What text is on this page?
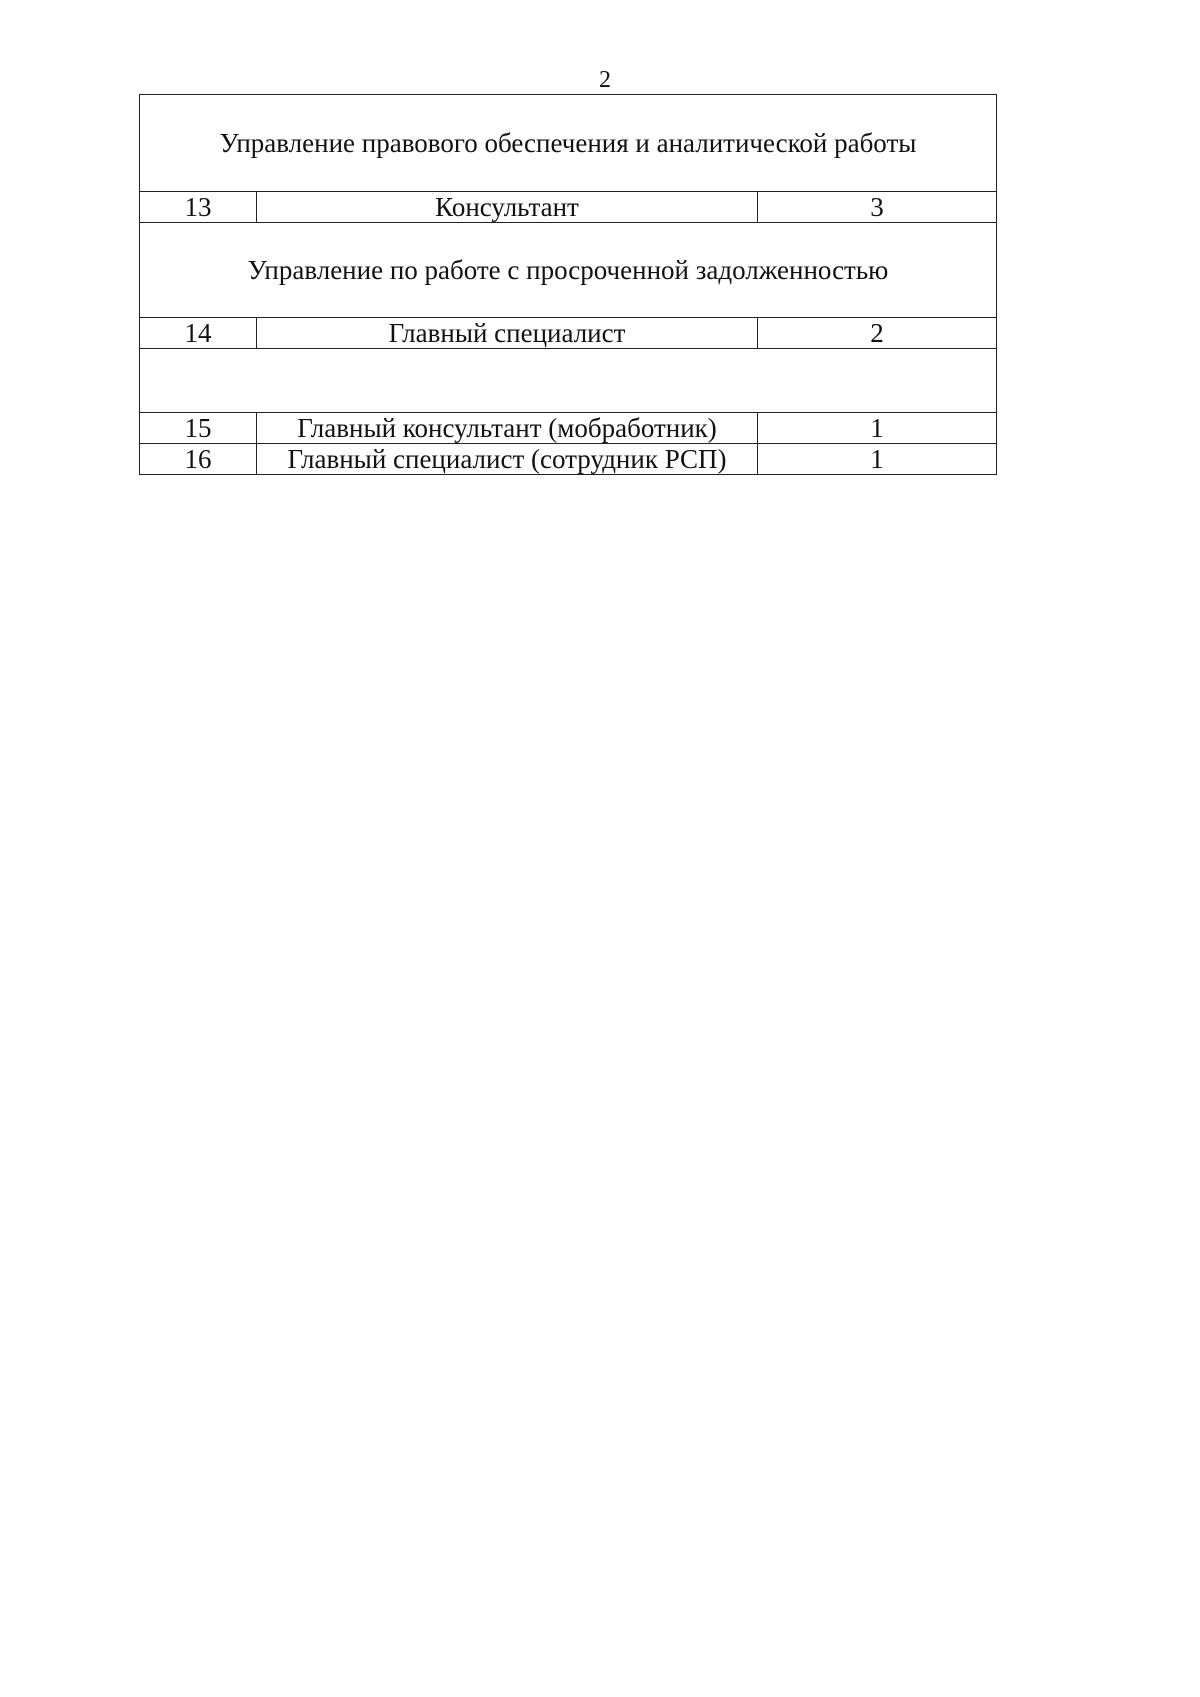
2
Управление правового обеспечения и аналитической работы		
13	Консультант	3
Управление по работе с просроченной задолженностью		
14	Главный специалист	2

15	Главный консультант (мобработник)	1
16	Главный специалист (сотрудник РСП)	1
